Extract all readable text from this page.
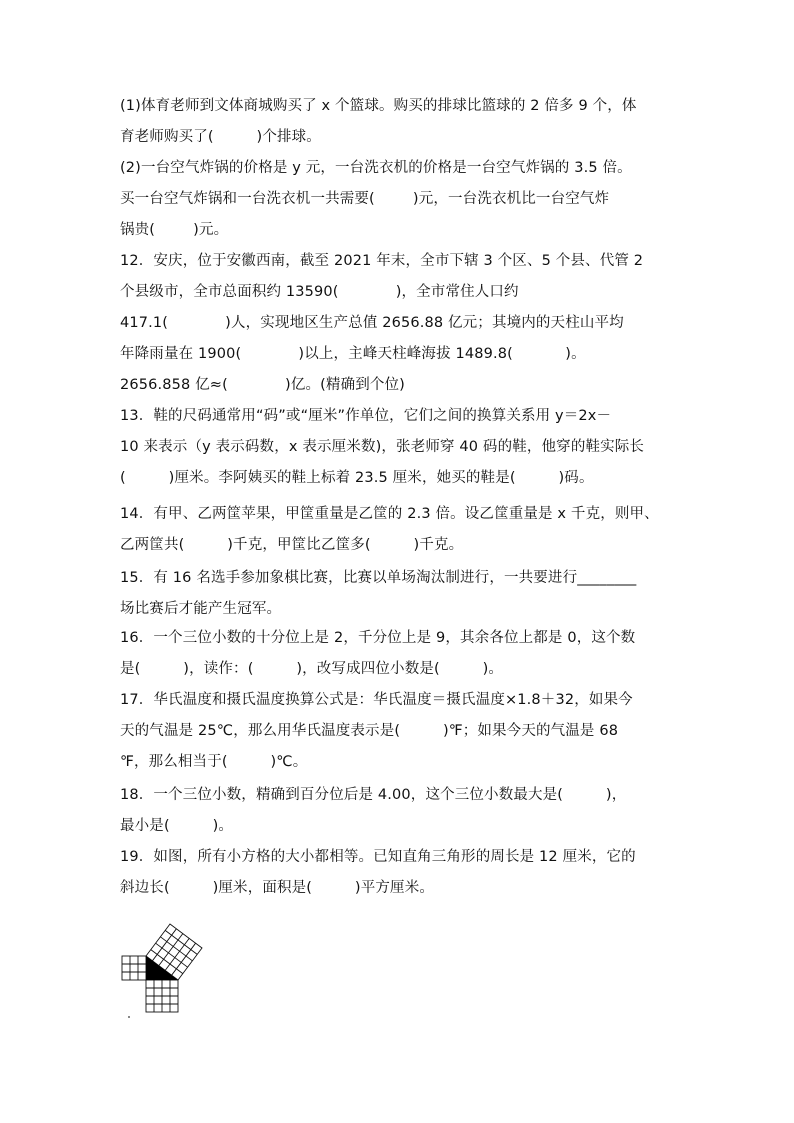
(1)体育老师到文体商城购买了 x 个篮球。购买的排球比篮球的 2 倍多 9 个，体
育老师购买了(         )个排球。
(2)一台空气炸锅的价格是 y 元，一台洗衣机的价格是一台空气炸锅的 3.5 倍。
买一台空气炸锅和一台洗衣机一共需要(        )元，一台洗衣机比一台空气炸
锅贵(        )元。
12．安庆，位于安徽西南，截至 2021 年末，全市下辖 3 个区、5 个县、代管 2
个县级市，全市总面积约 13590(            )，全市常住人口约
417.1(            )人，实现地区生产总值 2656.88 亿元；其境内的天柱山平均
年降雨量在 1900(            )以上，主峰天柱峰海拔 1489.8(           )。
2656.858 亿≈(            )亿。(精确到个位)
13．鞋的尺码通常用“码”或“厘米”作单位，它们之间的换算关系用 y＝2x－
10 来表示（y 表示码数，x 表示厘米数)，张老师穿 40 码的鞋，他穿的鞋实际长
(         )厘米。李阿姨买的鞋上标着 23.5 厘米，她买的鞋是(         )码。
14．有甲、乙两筐苹果，甲筐重量是乙筐的 2.3 倍。设乙筐重量是 x 千克，则甲、
乙两筐共(         )千克，甲筐比乙筐多(         )千克。
15．有 16 名选手参加象棋比赛，比赛以单场淘汰制进行，一共要进行________
场比赛后才能产生冠军。
16．一个三位小数的十分位上是 2，千分位上是 9，其余各位上都是 0，这个数
是(         )，读作：(         )，改写成四位小数是(         )。
17．华氏温度和摄氏温度换算公式是：华氏温度＝摄氏温度×1.8＋32，如果今
天的气温是 25℃，那么用华氏温度表示是(         )℉；如果今天的气温是 68
℉，那么相当于(         )℃。
18．一个三位小数，精确到百分位后是 4.00，这个三位小数最大是(         )，
最小是(         )。
19．如图，所有小方格的大小都相等。已知直角三角形的周长是 12 厘米，它的
斜边长(         )厘米，面积是(         )平方厘米。
